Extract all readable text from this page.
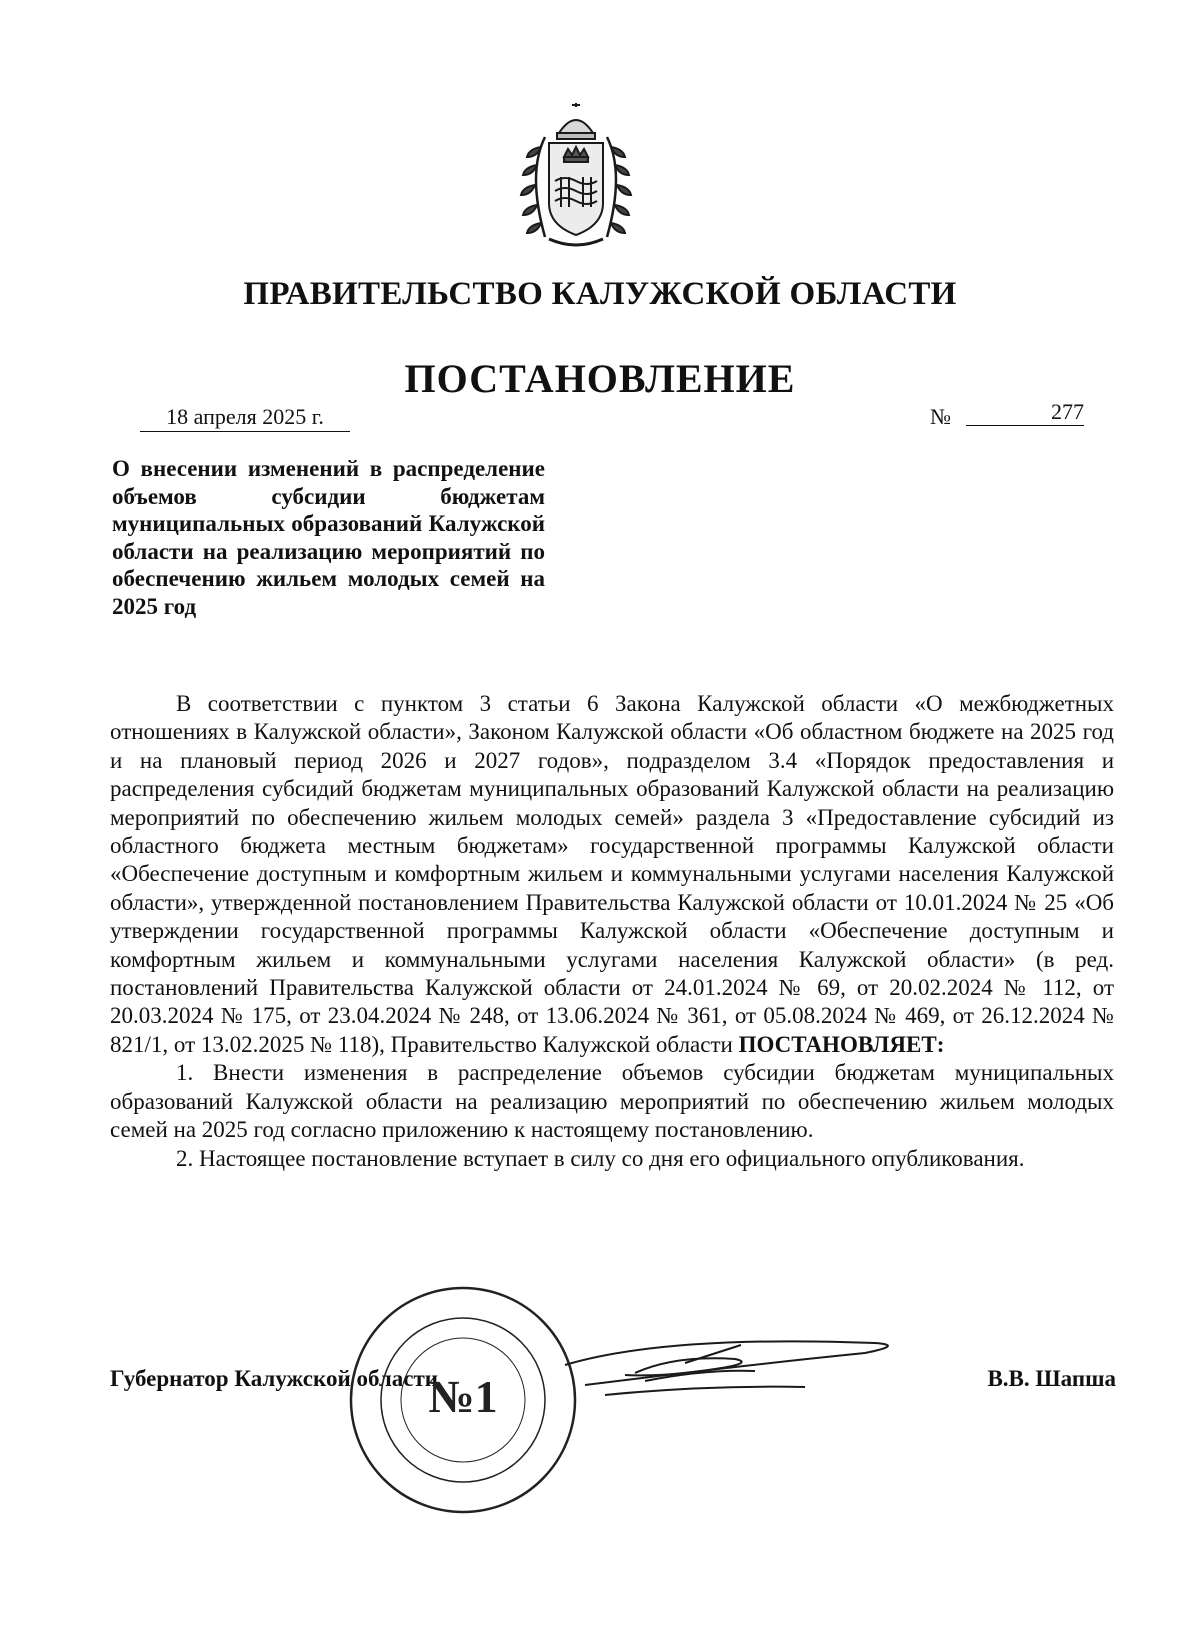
ПРАВИТЕЛЬСТВО КАЛУЖСКОЙ ОБЛАСТИ
ПОСТАНОВЛЕНИЕ
18 апреля 2025 г.	№	277
О внесении изменений в распределение объемов субсидии бюджетам муниципальных образований Калужской области на реализацию мероприятий по обеспечению жильем молодых семей на 2025 год

В соответствии с пунктом 3 статьи 6 Закона Калужской области «О межбюджетных отношениях в Калужской области», Законом Калужской области «Об областном бюджете на 2025 год и на плановый период 2026 и 2027 годов», подразделом 3.4 «Порядок предоставления и распределения субсидий бюджетам муниципальных образований Калужской области на реализацию мероприятий по обеспечению жильем молодых семей» раздела 3 «Предоставление субсидий из областного бюджета местным бюджетам» государственной программы Калужской области «Обеспечение доступным и комфортным жильем и коммунальными услугами населения Калужской области», утвержденной постановлением Правительства Калужской области от 10.01.2024 № 25 «Об утверждении государственной программы Калужской области «Обеспечение доступным и комфортным жильем и коммунальными услугами населения Калужской области» (в ред. постановлений Правительства Калужской области от 24.01.2024 № 69, от 20.02.2024 № 112, от 20.03.2024 № 175, от 23.04.2024 № 248, от 13.06.2024 № 361, от 05.08.2024 № 469, от 26.12.2024 № 821/1, от 13.02.2025 № 118), Правительство Калужской области ПОСТАНОВЛЯЕТ:

1. Внести изменения в распределение объемов субсидии бюджетам муниципальных образований Калужской области на реализацию мероприятий по обеспечению жильем молодых семей на 2025 год согласно приложению к настоящему постановлению.

2. Настоящее постановление вступает в силу со дня его официального опубликования.

Губернатор Калужской области	В.В. Шапша
№1
